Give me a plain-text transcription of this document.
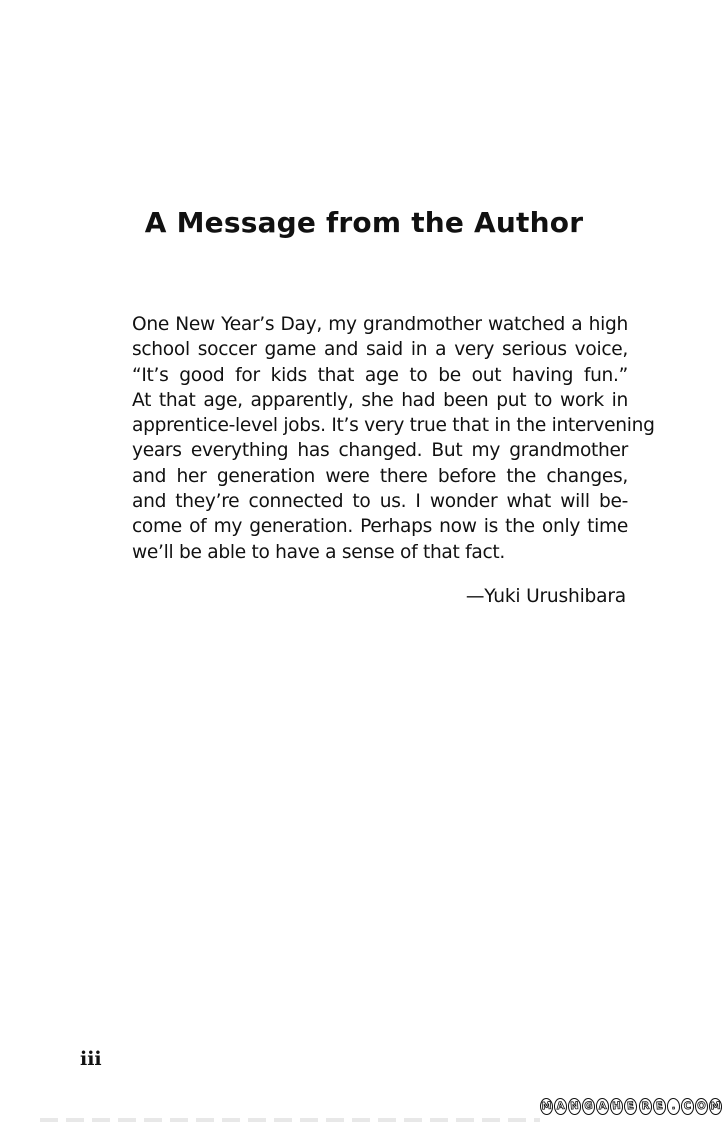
A Message from the Author
One New Year’s Day, my grandmother watched a high
school soccer game and said in a very serious voice,
“It’s good for kids that age to be out having fun.”
At that age, apparently, she had been put to work in
apprentice-level jobs. It’s very true that in the intervening
years everything has changed. But my grandmother
and her generation were there before the changes,
and they’re connected to us. I wonder what will be-
come of my generation. Perhaps now is the only time
we’ll be able to have a sense of that fact.

—Yuki Urushibara

iii

M A N G A H E R E . C O M
